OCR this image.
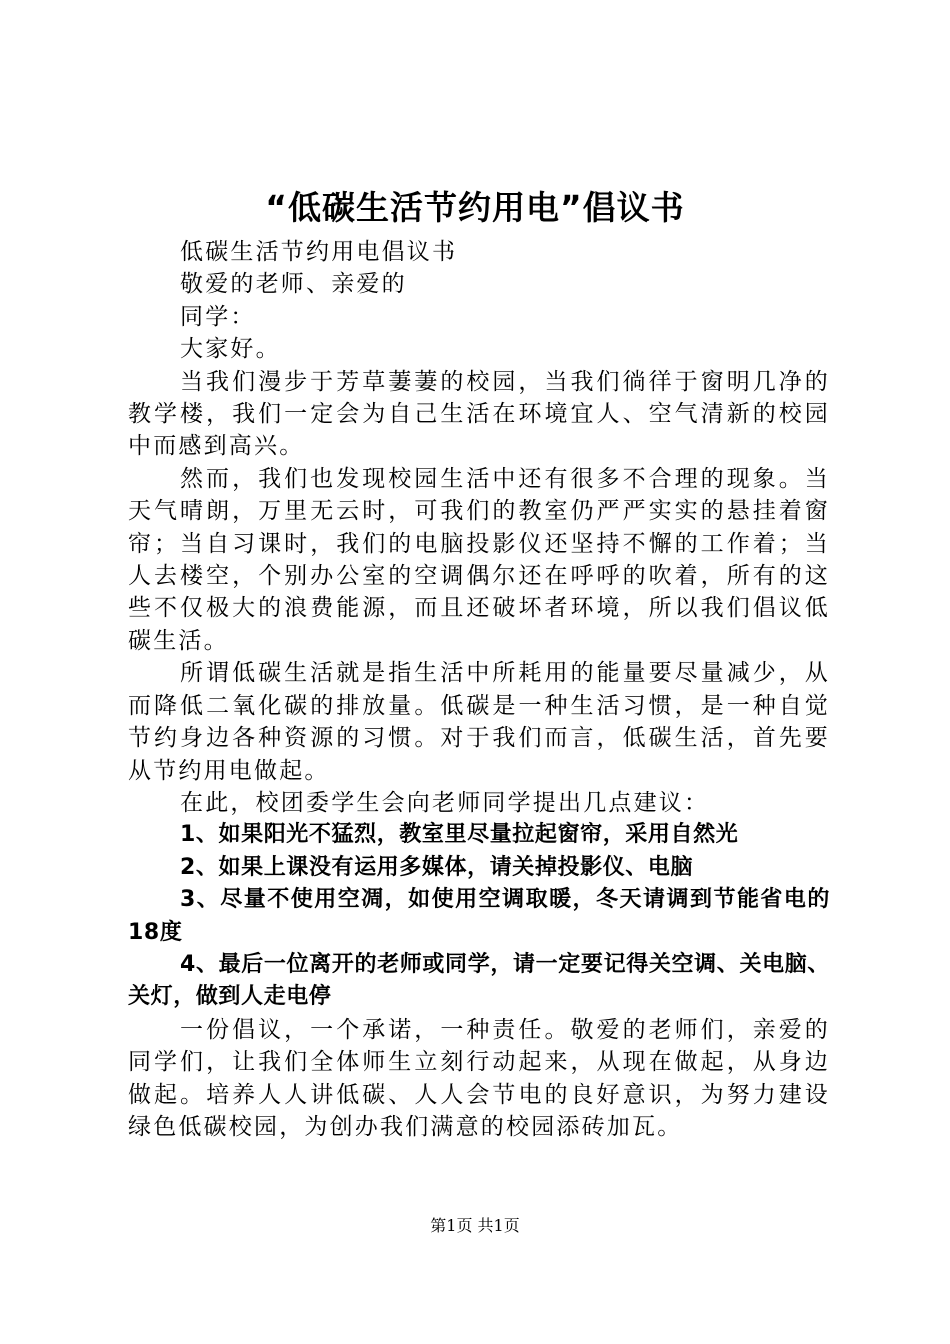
“低碳生活节约用电”倡议书

低碳生活节约用电倡议书

敬爱的老师、亲爱的

同学：

大家好。

当我们漫步于芳草萋萋的校园，当我们徜徉于窗明几净的教学楼，我们一定会为自己生活在环境宜人、空气清新的校园中而感到高兴。

然而，我们也发现校园生活中还有很多不合理的现象。当天气晴朗，万里无云时，可我们的教室仍严严实实的悬挂着窗帘；当自习课时，我们的电脑投影仪还坚持不懈的工作着；当人去楼空，个别办公室的空调偶尔还在呼呼的吹着，所有的这些不仅极大的浪费能源，而且还破坏者环境，所以我们倡议低碳生活。

所谓低碳生活就是指生活中所耗用的能量要尽量减少，从而降低二氧化碳的排放量。低碳是一种生活习惯，是一种自觉节约身边各种资源的习惯。对于我们而言，低碳生活，首先要从节约用电做起。

在此，校团委学生会向老师同学提出几点建议：

1、如果阳光不猛烈，教室里尽量拉起窗帘，采用自然光

2、如果上课没有运用多媒体，请关掉投影仪、电脑

3、尽量不使用空凋，如使用空调取暖，冬天请调到节能省电的18度

4、最后一位离开的老师或同学，请一定要记得关空调、关电脑、关灯，做到人走电停

一份倡议，一个承诺，一种责任。敬爱的老师们，亲爱的同学们，让我们全体师生立刻行动起来，从现在做起，从身边做起。培养人人讲低碳、人人会节电的良好意识，为努力建设绿色低碳校园，为创办我们满意的校园添砖加瓦。

第1页 共1页
